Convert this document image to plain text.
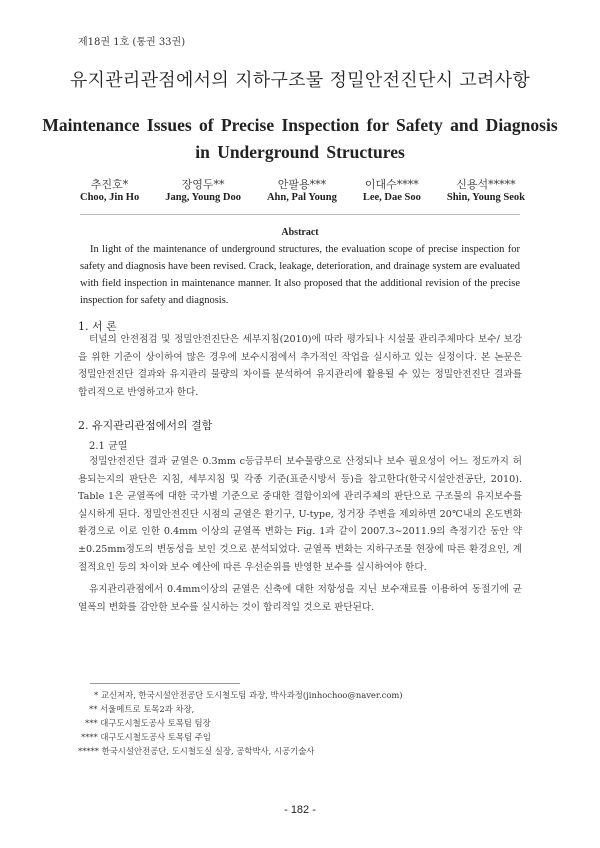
제18권 1호 (통권 33권)
유지관리관점에서의 지하구조물 정밀안전진단시 고려사항
Maintenance Issues of Precise Inspection for Safety and Diagnosis in Underground Structures
추진호*
Choo, Jin Ho
장영두**
Jang, Young Doo
안팔용***
Ahn, Pal Young
이대수****
Lee, Dae Soo
신용석*****
Shin, Young Seok
Abstract

In light of the maintenance of underground structures, the evaluation scope of precise inspection for safety and diagnosis have been revised. Crack, leakage, deterioration, and drainage system are evaluated with field inspection in maintenance manner. It also proposed that the additional revision of the precise inspection for safety and diagnosis.

1. 서 론

터널의 안전점검 및 정밀안전진단은 세부지침(2010)에 따라 평가되나 시설물 관리주체마다 보수/ 보강을 위한 기준이 상이하여 많은 경우에 보수시점에서 추가적인 작업을 실시하고 있는 실정이다. 본 논문은 정밀안전진단 결과와 유지관리 물량의 차이를 분석하여 유지관리에 활용될 수 있는 정밀안전진단 결과를 합리적으로 반영하고자 한다.

2. 유지관리관점에서의 결함
2.1 균열

정밀안전진단 결과 균열은 0.3mm c등급부터 보수물량으로 산정되나 보수 필요성이 어느 정도까지 허용되는지의 판단은 지침, 세부지침 및 각종 기준(표준시방서 등)을 참고한다(한국시설안전공단, 2010). Table 1은 균열폭에 대한 국가별 기준으로 중대한 결함이외에 관리주체의 판단으로 구조물의 유지보수를 실시하게 된다. 정밀안전진단 시점의 균열은 환기구, U-type, 정거장 주변을 제외하면 20℃내의 온도변화 환경으로 이로 인한 0.4mm 이상의 균열폭 변화는 Fig. 1과 같이 2007.3∼2011.9의 측정기간 동안 약 ±0.25mm정도의 변동성을 보인 것으로 분석되었다. 균열폭 변화는 지하구조물 현장에 따른 환경요인, 계절적요인 등의 차이와 보수 예산에 따른 우선순위를 반영한 보수를 실시하여야 한다.

유지관리관점에서 0.4mm이상의 균열은 신축에 대한 저항성을 지닌 보수재료를 이용하여 동절기에 균열폭의 변화를 감안한 보수를 실시하는 것이 합리적일 것으로 판단된다.

* 교신저자, 한국시설안전공단 도시철도팀 과장, 박사과정(jinhochoo@naver.com)
** 서울메트로 토목2과 차장,
*** 대구도시철도공사 토목팀 팀장
**** 대구도시철도공사 토목팀 주임
***** 한국시설안전공단, 도시철도실 실장, 공학박사, 시공기술사
- 182 -
